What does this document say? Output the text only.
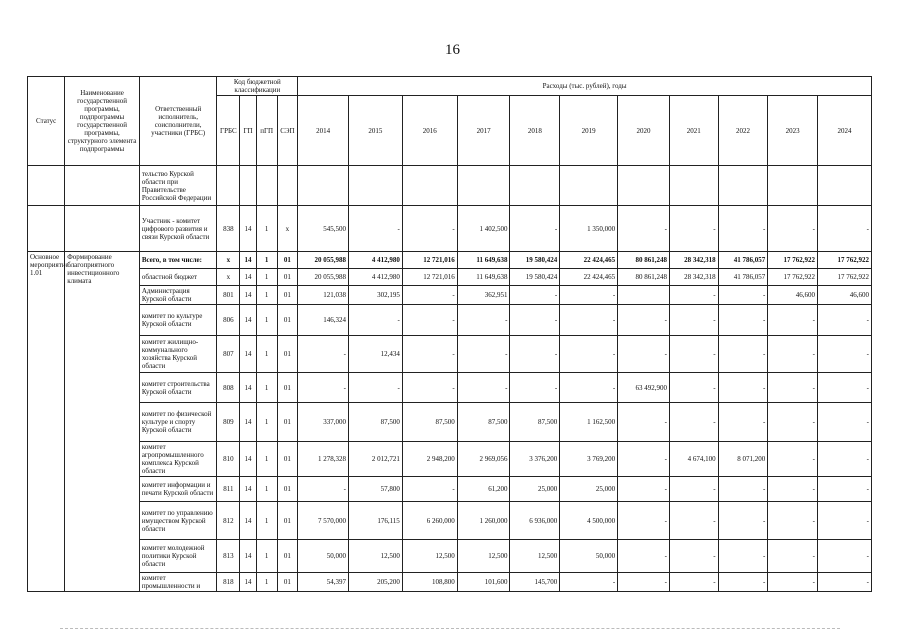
16
Статус	Наименование государственной программы, подпрограммы государственной программы, структурного элемента подпрограммы	Ответственный исполнитель, соисполнители, участники (ГРБС)	Код бюджетной классификации				Расходы (тыс. рублей), годы										
			ГРБС	ГП	пГП	СЭП	2014	2015	2016	2017	2018	2019	2020	2021	2022	2023	2024
		тельство Курской области при Правительстве Российской Федерации															
		Участник - комитет цифрового развития и связи Курской области	838	14	1	х	545,500	-	-	1 402,500	-	1 350,000	-	-	-	-	-
Основное мероприятие 1.01	Формирование благоприятного инвестиционного климата	Всего, в том числе:	х	14	1	01	20 055,988	4 412,980	12 721,016	11 649,638	19 580,424	22 424,465	80 861,248	28 342,318	41 786,057	17 762,922	17 762,922
		областной бюджет	х	14	1	01	20 055,988	4 412,980	12 721,016	11 649,638	19 580,424	22 424,465	80 861,248	28 342,318	41 786,057	17 762,922	17 762,922
		Администрация Курской области	801	14	1	01	121,038	302,195	-	362,951	-	-		-	-	46,600	46,600
		комитет по культуре Курской области	806	14	1	01	146,324	-	-	-	-	-	-	-	-	-	-
		комитет жилищно-коммунального хозяйства Курской области	807	14	1	01	-	12,434	-	-	-	-	-	-	-	-	-
		комитет строительства Курской области	808	14	1	01	-	-	-	-	-	-	63 492,900	-	-	-	-
		комитет по физической культуре и спорту Курской области	809	14	1	01	337,000	87,500	87,500	87,500	87,500	1 162,500	-	-	-	-	-
		комитет агропромышленного комплекса Курской области	810	14	1	01	1 278,328	2 012,721	2 948,200	2 969,056	3 376,200	3 769,200	-	4 674,100	8 071,200	-	-
		комитет информации и печати Курской области	811	14	1	01	-	57,800	-	61,200	25,000	25,000	-	-	-	-	-
		комитет по управлению имуществом Курской области	812	14	1	01	7 570,000	176,115	6 260,000	1 260,000	6 936,000	4 500,000	-	-	-	-	-
		комитет молодежной политики Курской области	813	14	1	01	50,000	12,500	12,500	12,500	12,500	50,000	-	-	-	-	-
		комитет промышленности и	818	14	1	01	54,397	205,200	108,800	101,600	145,700	-	-	-	-	-	-
